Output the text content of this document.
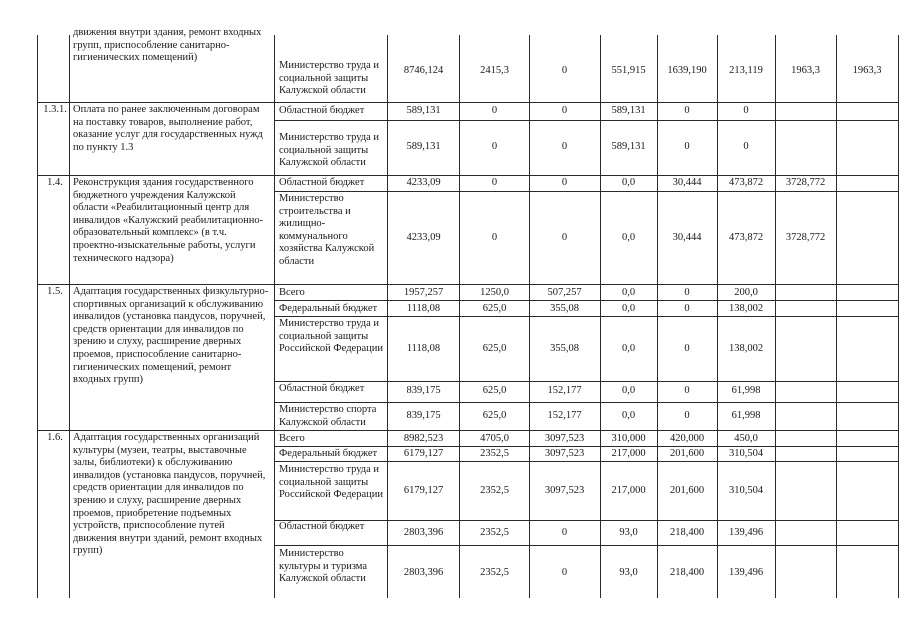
движения внутри здания, ремонт входных
групп, приспособление санитарно-
гигиенических помещений)
Министерство труда и
социальной защиты
Калужской области
8746,124	2415,3	0	551,915	1639,190	213,119	1963,3	1963,3
1.3.1. Оплата по ранее заключенным договорам
на поставку товаров, выполнение работ,
оказание услуг для государственных нужд
по пункту 1.3
Областной бюджет	589,131	0	0	589,131	0	0
Министерство труда и
социальной защиты
Калужской области
589,131	0	0	589,131	0	0
1.4. Реконструкция здания государственного
бюджетного учреждения Калужской
области «Реабилитационный центр для
инвалидов «Калужский реабилитационно-
образовательный комплекс» (в т.ч.
проектно-изыскательные работы, услуги
технического надзора)
Областной бюджет	4233,09	0	0	0,0	30,444	473,872	3728,772
Министерство
строительства и
жилищно-
коммунального
хозяйства Калужской
области
4233,09	0	0	0,0	30,444	473,872	3728,772
1.5. Адаптация государственных физкультурно-
спортивных организаций к обслуживанию
инвалидов (установка пандусов, поручней,
средств ориентации для инвалидов по
зрению и слуху, расширение дверных
проемов, приспособление санитарно-
гигиенических помещений, ремонт
входных групп)
Всего	1957,257	1250,0	507,257	0,0	0	200,0
Федеральный бюджет	1118,08	625,0	355,08	0,0	0	138,002
Министерство труда и
социальной защиты
Российской Федерации	1118,08	625,0	355,08	0,0	0	138,002
Областной бюджет	839,175	625,0	152,177	0,0	0	61,998
Министерство спорта
Калужской области
839,175	625,0	152,177	0,0	0	61,998
1.6. Адаптация государственных организаций
культуры (музеи, театры, выставочные
залы, библиотеки) к обслуживанию
инвалидов (установка пандусов, поручней,
средств ориентации для инвалидов по
зрению и слуху, расширение дверных
проемов, приобретение подъемных
устройств, приспособление путей
движения внутри зданий, ремонт входных
групп)
Всего	8982,523	4705,0	3097,523	310,000	420,000	450,0
Федеральный бюджет	6179,127	2352,5	3097,523	217,000	201,600	310,504
Министерство труда и
социальной защиты
Российской Федерации	6179,127	2352,5	3097,523	217,000	201,600	310,504
Областной бюджет
2803,396	2352,5	0	93,0	218,400	139,496
Министерство
культуры и туризма
Калужской области
2803,396	2352,5	0	93,0	218,400	139,496
